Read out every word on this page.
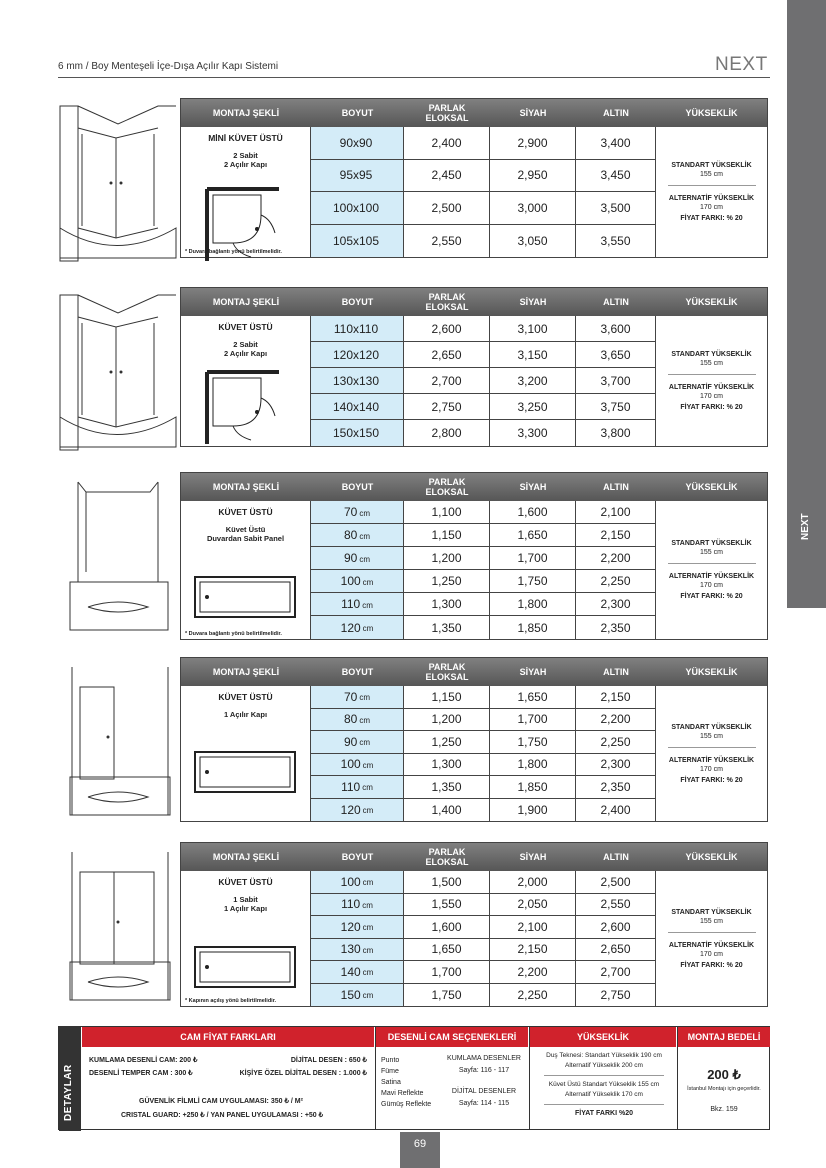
6 mm / Boy Menteşeli İçe-Dışa Açılır Kapı Sistemi	NEXT
NEXT
MONTAJ ŞEKLİ	BOYUT	PARLAK ELOKSAL	SİYAH	ALTIN	YÜKSEKLİK
MİNİ KÜVET ÜSTÜ
2 Sabit
2 Açılır Kapı
* Duvara bağlantı yönü belirtilmelidir.
90x90	2,400	2,900	3,400
95x95	2,450	2,950	3,450
100x100	2,500	3,000	3,500
105x105	2,550	3,050	3,550
STANDART YÜKSEKLİK
155 cm
ALTERNATİF YÜKSEKLİK
170 cm
FİYAT FARKI: % 20
MONTAJ ŞEKLİ	BOYUT	PARLAK ELOKSAL	SİYAH	ALTIN	YÜKSEKLİK
KÜVET ÜSTÜ
2 Sabit
2 Açılır Kapı
110x110	2,600	3,100	3,600
120x120	2,650	3,150	3,650
130x130	2,700	3,200	3,700
140x140	2,750	3,250	3,750
150x150	2,800	3,300	3,800
STANDART YÜKSEKLİK
155 cm
ALTERNATİF YÜKSEKLİK
170 cm
FİYAT FARKI: % 20
MONTAJ ŞEKLİ	BOYUT	PARLAK ELOKSAL	SİYAH	ALTIN	YÜKSEKLİK
KÜVET ÜSTÜ
Küvet Üstü
Duvardan Sabit Panel
* Duvara bağlantı yönü belirtilmelidir.
70 cm	1,100	1,600	2,100
80 cm	1,150	1,650	2,150
90 cm	1,200	1,700	2,200
100 cm	1,250	1,750	2,250
110 cm	1,300	1,800	2,300
120 cm	1,350	1,850	2,350
STANDART YÜKSEKLİK
155 cm
ALTERNATİF YÜKSEKLİK
170 cm
FİYAT FARKI: % 20
MONTAJ ŞEKLİ	BOYUT	PARLAK ELOKSAL	SİYAH	ALTIN	YÜKSEKLİK
KÜVET ÜSTÜ
1 Açılır Kapı
70 cm	1,150	1,650	2,150
80 cm	1,200	1,700	2,200
90 cm	1,250	1,750	2,250
100 cm	1,300	1,800	2,300
110 cm	1,350	1,850	2,350
120 cm	1,400	1,900	2,400
STANDART YÜKSEKLİK
155 cm
ALTERNATİF YÜKSEKLİK
170 cm
FİYAT FARKI: % 20
MONTAJ ŞEKLİ	BOYUT	PARLAK ELOKSAL	SİYAH	ALTIN	YÜKSEKLİK
KÜVET ÜSTÜ
1 Sabit
1 Açılır Kapı
* Kapının açılış yönü belirtilmelidir.
100 cm	1,500	2,000	2,500
110 cm	1,550	2,050	2,550
120 cm	1,600	2,100	2,600
130 cm	1,650	2,150	2,650
140 cm	1,700	2,200	2,700
150 cm	1,750	2,250	2,750
STANDART YÜKSEKLİK
155 cm
ALTERNATİF YÜKSEKLİK
170 cm
FİYAT FARKI: % 20
DETAYLAR
CAM FİYAT FARKLARI	DESENLİ CAM SEÇENEKLERİ	YÜKSEKLİK	MONTAJ BEDELİ
KUMLAMA DESENLİ CAM: 200 ₺	DİJİTAL DESEN : 650 ₺
DESENLİ TEMPER CAM : 300 ₺	KİŞİYE ÖZEL DİJİTAL DESEN : 1.000 ₺
GÜVENLİK FİLMLİ CAM UYGULAMASI: 350 ₺ / M²
CRISTAL GUARD: +250 ₺ / YAN PANEL UYGULAMASI : +50 ₺
Punto
Füme
Satina
Mavi Reflekte
Gümüş Reflekte
KUMLAMA DESENLER
Sayfa: 116 - 117
DİJİTAL DESENLER
Sayfa: 114 - 115
Duş Teknesi: Standart Yükseklik 190 cm
Alternatif Yükseklik 200 cm
Küvet Üstü Standart Yükseklik 155 cm
Alternatif Yükseklik 170 cm
FİYAT FARKI %20
200 ₺
İstanbul Montajı için geçerlidir.
Bkz. 159
69
